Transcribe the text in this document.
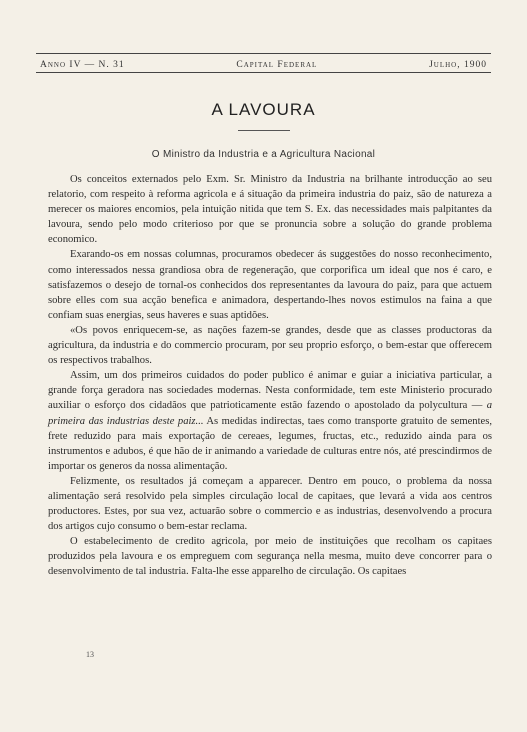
Anno IV — N. 31	Capital Federal	Julho, 1900
A LAVOURA
O Ministro da Industria e a Agricultura Nacional

Os conceitos externados pelo Exm. Sr. Ministro da Industria na brilhante introducção ao seu relatorio, com respeito à reforma agricola e á situação da primeira industria do paiz, são de natureza a merecer os maiores encomios, pela intuição nitida que tem S. Ex. das necessidades mais palpitantes da lavoura, sendo pelo modo criterioso por que se pronuncia sobre a solução do grande problema economico.

Exarando-os em nossas columnas, procuramos obedecer ás suggestões do nosso reconhecimento, como interessados nessa grandiosa obra de regeneração, que corporifica um ideal que nos é caro, e satisfazemos o desejo de tornal-os conhecidos dos representantes da lavoura do paiz, para que actuem sobre elles com sua acção benefica e animadora, despertando-lhes novos estimulos na faina a que confiam suas energias, seus haveres e suas aptidões.

«Os povos enriquecem-se, as nações fazem-se grandes, desde que as classes productoras da agricultura, da industria e do commercio procuram, por seu proprio esforço, o bem-estar que offerecem os respectivos trabalhos.

Assim, um dos primeiros cuidados do poder publico é animar e guiar a iniciativa particular, a grande força geradora nas sociedades modernas. Nesta conformidade, tem este Ministerio procurado auxiliar o esforço dos cidadãos que patrioticamente estão fazendo o apostolado da polycultura — a primeira das industrias deste paiz... As medidas indirectas, taes como transporte gratuito de sementes, frete reduzido para mais exportação de cereaes, legumes, fructas, etc., reduzido ainda para os instrumentos e adubos, é que hão de ir animando a variedade de culturas entre nós, até prescindirmos de importar os generos da nossa alimentação.

Felizmente, os resultados já começam a apparecer. Dentro em pouco, o problema da nossa alimentação será resolvido pela simples circulação local de capitaes, que levará a vida aos centros productores. Estes, por sua vez, actuarão sobre o commercio e as industrias, desenvolvendo a procura dos artigos cujo consumo o bem-estar reclama.

O estabelecimento de credito agricola, por meio de instituições que recolham os capitaes produzidos pela lavoura e os empreguem com segurança nella mesma, muito deve concorrer para o desenvolvimento de tal industria. Falta-lhe esse apparelho de circulação. Os capitaes

13
